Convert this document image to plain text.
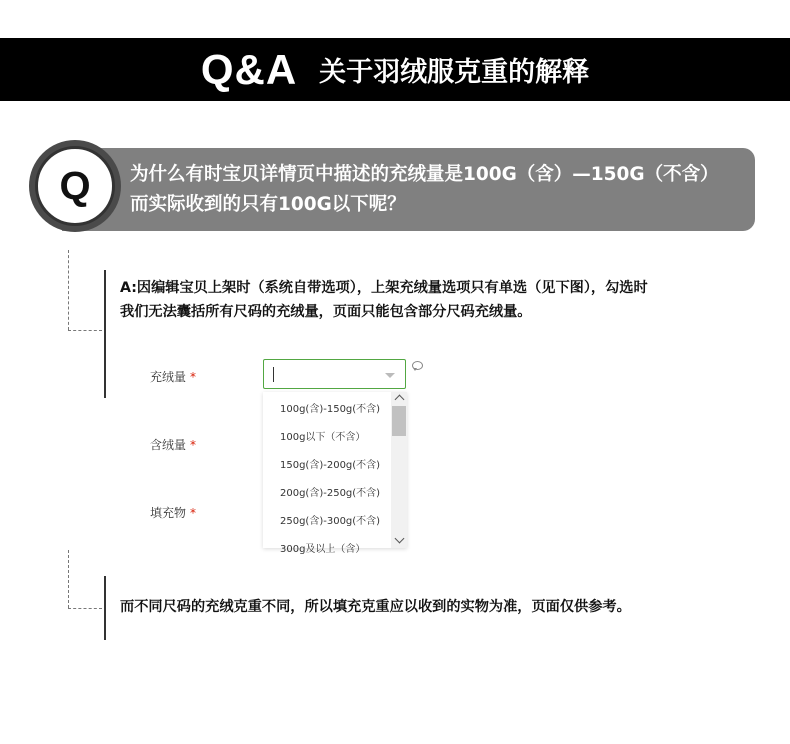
Q&A 关于羽绒服克重的解释
Q 为什么有时宝贝详情页中描述的充绒量是100G（含）—150G（不含）
而实际收到的只有100G以下呢？
A:因编辑宝贝上架时（系统自带选项），上架充绒量选项只有单选（见下图），勾选时
我们无法囊括所有尺码的充绒量，页面只能包含部分尺码充绒量。
充绒量 *
含绒量 *
填充物 *
100g(含)-150g(不含)
100g以下（不含）
150g(含)-200g(不含)
200g(含)-250g(不含)
250g(含)-300g(不含)
300g及以上（含）
而不同尺码的充绒克重不同，所以填充克重应以收到的实物为准，页面仅供参考。
